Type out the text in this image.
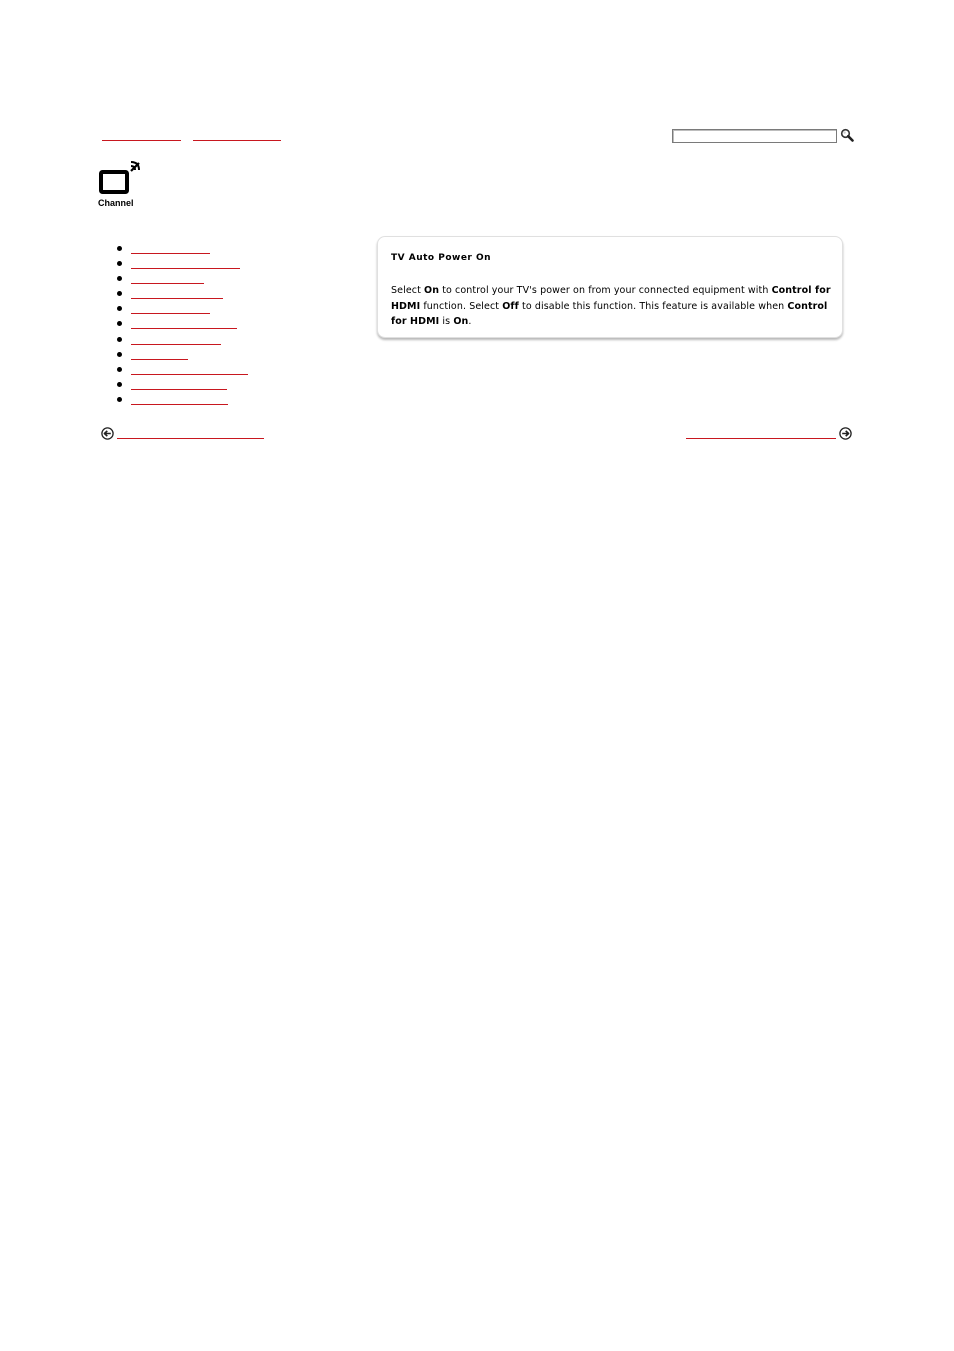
Channel
TV Auto Power On
Select On to control your TV's power on from your connected equipment with Control for HDMI function. Select Off to disable this function. This feature is available when Control for HDMI is On.
